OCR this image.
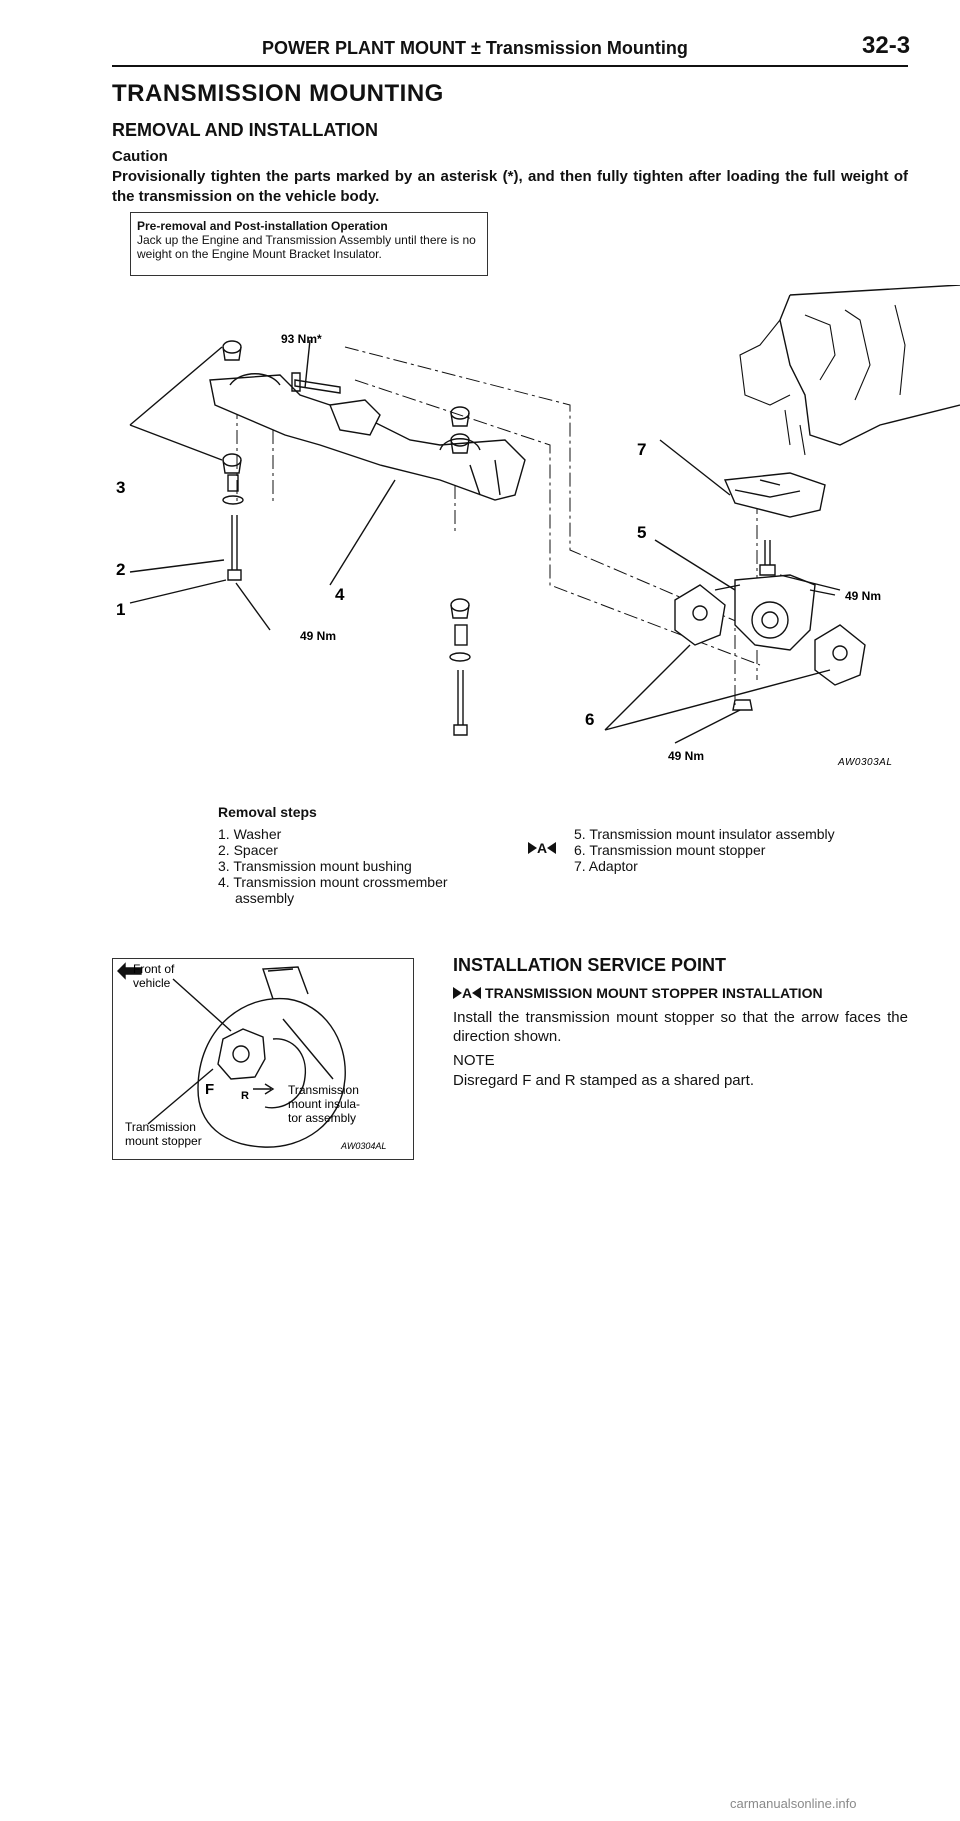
POWER PLANT MOUNT ± Transmission Mounting	32-3
TRANSMISSION MOUNTING
REMOVAL AND INSTALLATION
Caution
Provisionally tighten the parts marked by an asterisk (*), and then fully tighten after loading the full weight of the transmission on the vehicle body.
Pre-removal and Post-installation Operation
Jack up the Engine and Transmission Assembly until there is no weight on the Engine Mount Bracket Insulator.
3
2
1
4
7
5
6
93 Nm*
49 Nm
49 Nm
49 Nm	AW0303AL
Removal steps
1. Washer
2. Spacer
3. Transmission mount bushing
4. Transmission mount crossmember
assembly
A
5. Transmission mount insulator assembly
6. Transmission mount stopper
7. Adaptor
Front of
vehicle
F R
Transmission
mount stopper
Transmission
mount insula-
tor assembly
AW0304AL
INSTALLATION SERVICE POINT
A TRANSMISSION MOUNT STOPPER INSTALLATION
Install the transmission mount stopper so that the arrow faces the direction shown.
NOTE
Disregard F and R stamped as a shared part.
carmanualsonline.info
